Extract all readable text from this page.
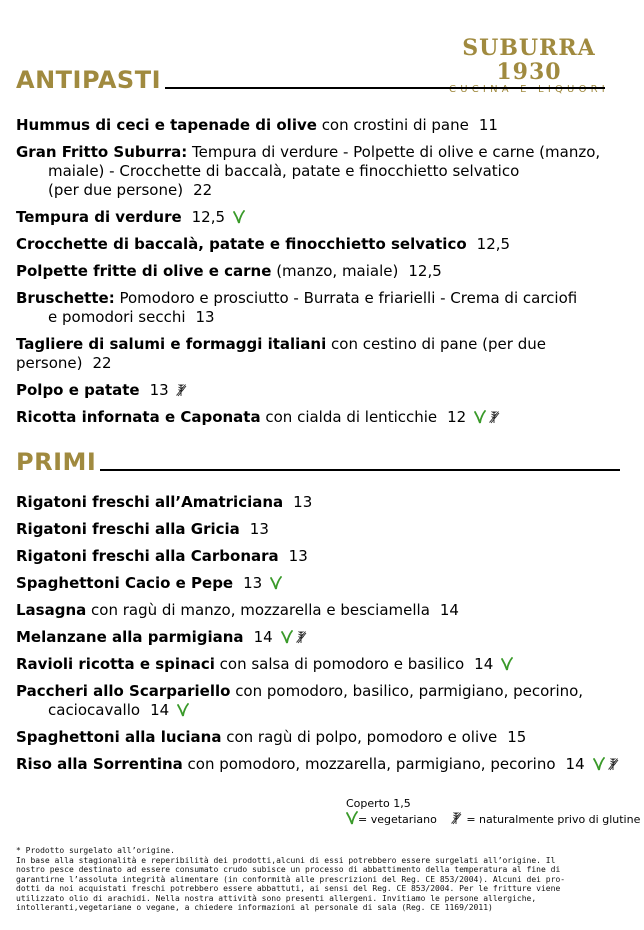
SUBURRA 1930
CUCINA E LIQUORI
ANTIPASTI
Hummus di ceci e tapenade di olive con crostini di pane 11
Gran Fritto Suburra: Tempura di verdure - Polpette di olive e carne (manzo,
maiale) - Crocchette di baccalà, patate e finocchietto selvatico
(per due persone) 22
Tempura di verdure 12,5
Crocchette di baccalà, patate e finocchietto selvatico 12,5
Polpette fritte di olive e carne (manzo, maiale) 12,5
Bruschette: Pomodoro e prosciutto - Burrata e friarielli - Crema di carciofi
e pomodori secchi 13
Tagliere di salumi e formaggi italiani con cestino di pane (per due persone) 22
Polpo e patate 13
Ricotta infornata e Caponata con cialda di lenticchie 12
PRIMI
Rigatoni freschi all’Amatriciana 13
Rigatoni freschi alla Gricia 13
Rigatoni freschi alla Carbonara 13
Spaghettoni Cacio e Pepe 13
Lasagna con ragù di manzo, mozzarella e besciamella 14
Melanzane alla parmigiana 14
Ravioli ricotta e spinaci con salsa di pomodoro e basilico 14
Paccheri allo Scarpariello con pomodoro, basilico, parmigiano, pecorino,
caciocavallo 14
Spaghettoni alla luciana con ragù di polpo, pomodoro e olive 15
Riso alla Sorrentina con pomodoro, mozzarella, parmigiano, pecorino 14
Coperto 1,5
= vegetariano	= naturalmente privo di glutine
* Prodotto surgelato all’origine.
In base alla stagionalità e reperibilità dei prodotti,alcuni di essi potrebbero essere surgelati all’origine. Il
nostro pesce destinato ad essere consumato crudo subisce un processo di abbattimento della temperatura al fine di
garantirne l’assoluta integrità alimentare (in conformità alle prescrizioni del Reg. CE 853/2004). Alcuni dei pro-
dotti da noi acquistati freschi potrebbero essere abbattuti, ai sensi del Reg. CE 853/2004. Per le fritture viene
utilizzato olio di arachidi. Nella nostra attività sono presenti allergeni. Invitiamo le persone allergiche,
intolleranti,vegetariane o vegane, a chiedere informazioni al personale di sala (Reg. CE 1169/2011)
